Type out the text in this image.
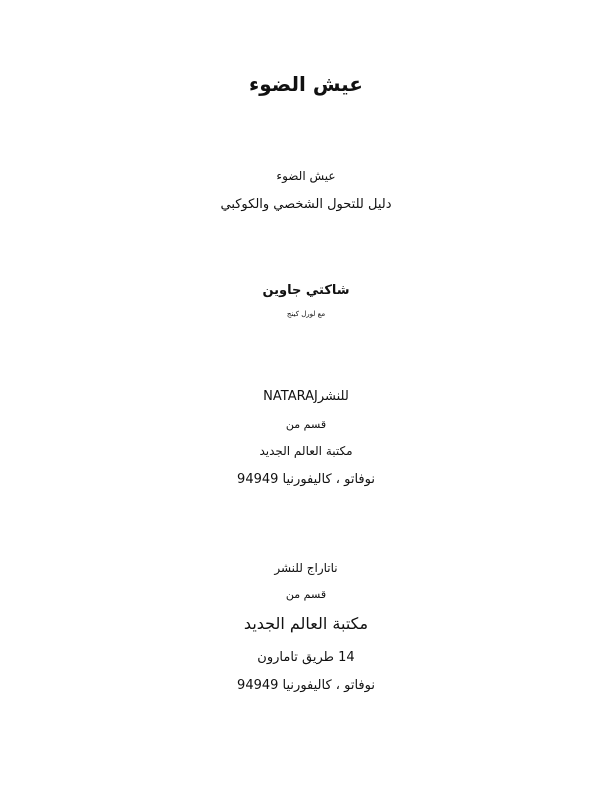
عيش الضوء
عيش الضوء
دليل للتحول الشخصي والكوكبي
شاكتي جاوين
مع لورل كينج
NATARAJللنشر
قسم من
مكتبة العالم الجديد
نوفاتو ، كاليفورنيا 94949
ناتاراج للنشر
قسم من
مكتبة العالم الجديد
14 طريق تامارون
نوفاتو ، كاليفورنيا 94949
